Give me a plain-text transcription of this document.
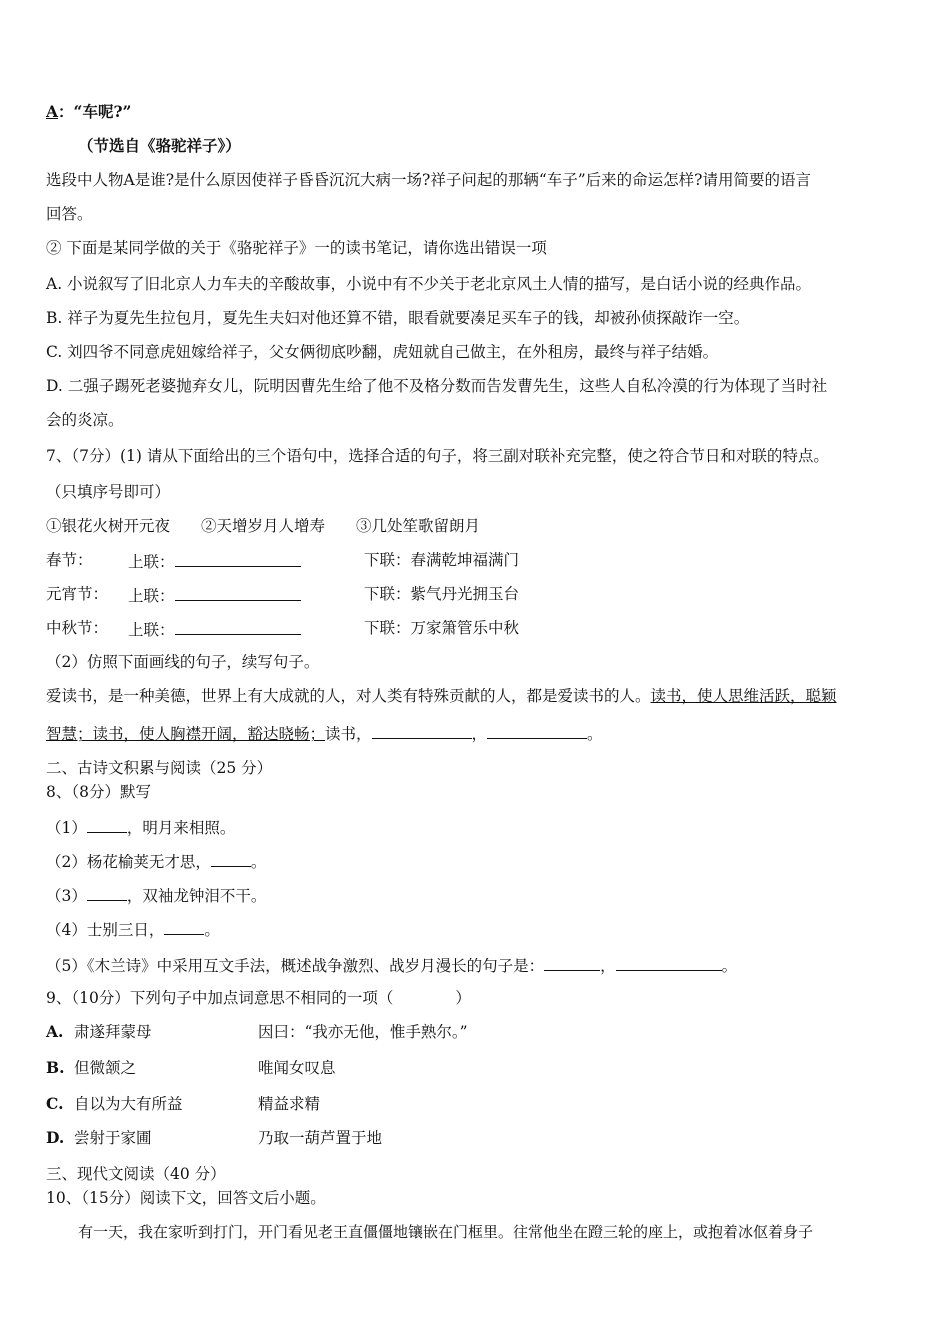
A：“车呢?”
（节选自《骆驼祥子》）
选段中人物A是谁?是什么原因使祥子昏昏沉沉大病一场?祥子问起的那辆“车子”后来的命运怎样?请用简要的语言
回答。
② 下面是某同学做的关于《骆驼祥子》一的读书笔记，请你选出错误一项
A. 小说叙写了旧北京人力车夫的辛酸故事，小说中有不少关于老北京风土人情的描写，是白话小说的经典作品。
B. 祥子为夏先生拉包月，夏先生夫妇对他还算不错，眼看就要凑足买车子的钱，却被孙侦探敲诈一空。
C. 刘四爷不同意虎妞嫁给祥子，父女俩彻底吵翻，虎妞就自己做主，在外租房，最终与祥子结婚。
D. 二强子踢死老婆抛弃女儿，阮明因曹先生给了他不及格分数而告发曹先生，这些人自私冷漠的行为体现了当时社
会的炎凉。
7、（7分）(1) 请从下面给出的三个语句中，选择合适的句子，将三副对联补充完整，使之符合节日和对联的特点。
（只填序号即可）
①银花火树开元夜　　②天增岁月人增寿　　③几处笙歌留朗月
春节： 上联：	下联：春满乾坤福满门
元宵节： 上联：	下联：紫气丹光拥玉台
中秋节： 上联：	下联：万家箫管乐中秋
（2）仿照下面画线的句子，续写句子。
爱读书，是一种美德，世界上有大成就的人，对人类有特殊贡献的人，都是爱读书的人。读书，使人思维活跃，聪颖
智慧；读书，使人胸襟开阔，豁达晓畅；读书，	，	。
二、古诗文积累与阅读（25 分）
8、（8分）默写
（1）	，明月来相照。
（2）杨花榆荚无才思，	。
（3）	，双袖龙钟泪不干。
（4）士别三日，	。
（5）《木兰诗》中采用互文手法，概述战争激烈、战岁月漫长的句子是：	，	。
9、（10分）下列句子中加点词意思不相同的一项（　　　　）
A. 肃遂拜蒙母	因曰：“我亦无他，惟手熟尔。”
B. 但微颔之	唯闻女叹息
C. 自以为大有所益	精益求精
D. 尝射于家圃	乃取一葫芦置于地
三、现代文阅读（40 分）
10、（15分）阅读下文，回答文后小题。
有一天，我在家听到打门，开门看见老王直僵僵地镶嵌在门框里。往常他坐在蹬三轮的座上，或抱着冰伛着身子
